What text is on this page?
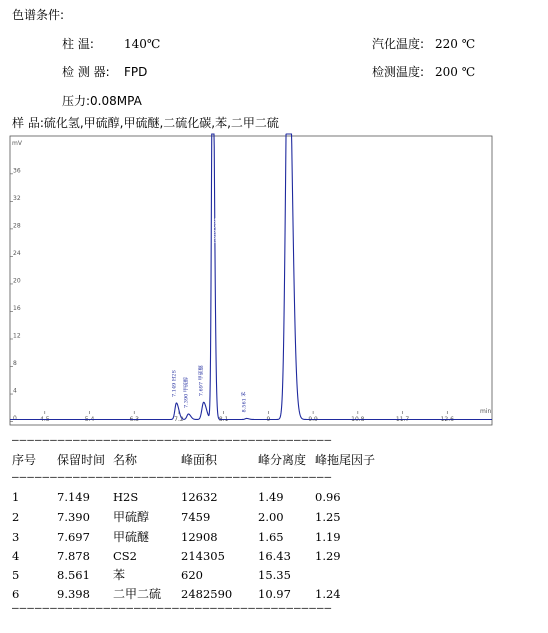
色谱条件:
柱 温:	140℃	汽化温度: 220 ℃
检 测 器: FPD	检测温度: 200 ℃
压力:0.08MPA
样 品:硫化氢,甲硫醇,甲硫醚,二硫化碳,苯,二甲二硫
mV
min
0
4
8
12
16
20
24
28
32
36
4.5	5.4	6.3	7.2	8.1	9	9.9	10.8	11.7	12.6
7.149 H2S 7.390 甲硫醇 7.697 甲硫醚
7.878 CS2
8.561 苯
9.398 二甲二硫
——————————————————————————————————————————
序号 保留时间 名称	峰面积	峰分离度 峰拖尾因子
——————————————————————————————————————————
1	7.149 H2S	12632	1.49	0.96
2	7.390 甲硫醇	7459	2.00	1.25
3	7.697 甲硫醚	12908	1.65	1.19
4	7.878 CS2	214305	16.43 1.29
5	8.561 苯	620	15.35
6	9.398 二甲二硫 2482590 10.97 1.24
——————————————————————————————————————————
